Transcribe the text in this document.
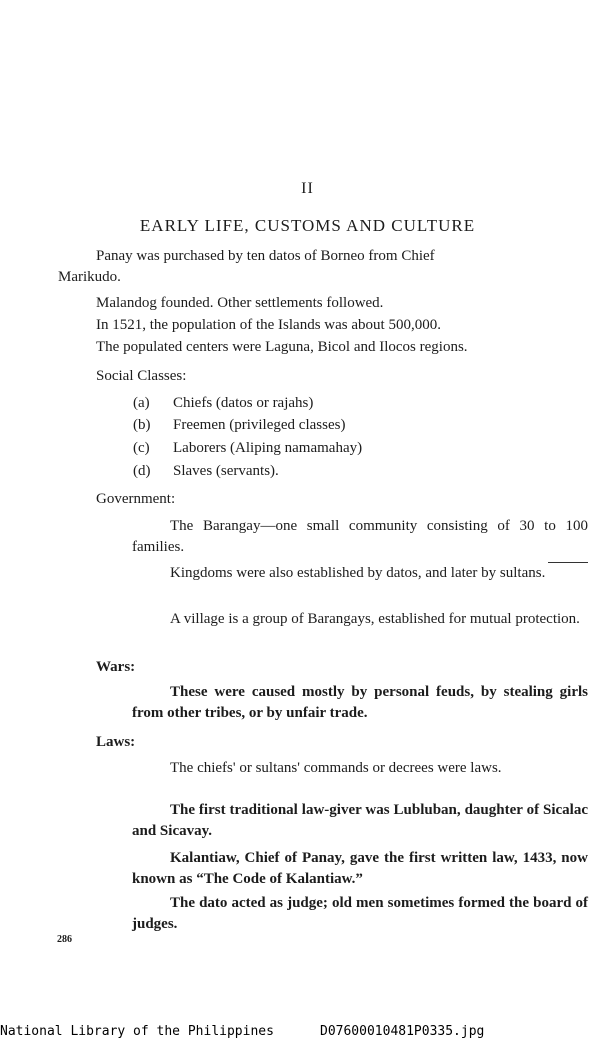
II
EARLY LIFE, CUSTOMS AND CULTURE

Panay was purchased by ten datos of Borneo from Chief

Marikudo.

Malandog founded. Other settlements followed.

In 1521, the population of the Islands was about 500,000.

The populated centers were Laguna, Bicol and Ilocos regions.

Social Classes:

(a) Chiefs (datos or rajahs)

(b) Freemen (privileged classes)

(c) Laborers (Aliping namamahay)

(d) Slaves (servants).

Government:

The Barangay—one small community consisting of 30 to 100 families.

Kingdoms were also established by datos, and later by sultans.

A village is a group of Barangays, established for mutual protection.

Wars:

These were caused mostly by personal feuds, by stealing girls from other tribes, or by unfair trade.

Laws:

The chiefs' or sultans' commands or decrees were laws.

The first traditional law-giver was Lubluban, daughter of Sicalac and Sicavay.

Kalantiaw, Chief of Panay, gave the first written law, 1433, now known as “The Code of Kalantiaw.”

The dato acted as judge; old men sometimes formed the board of judges.

286
National Library of the Philippines	D07600010481P0335.jpg
